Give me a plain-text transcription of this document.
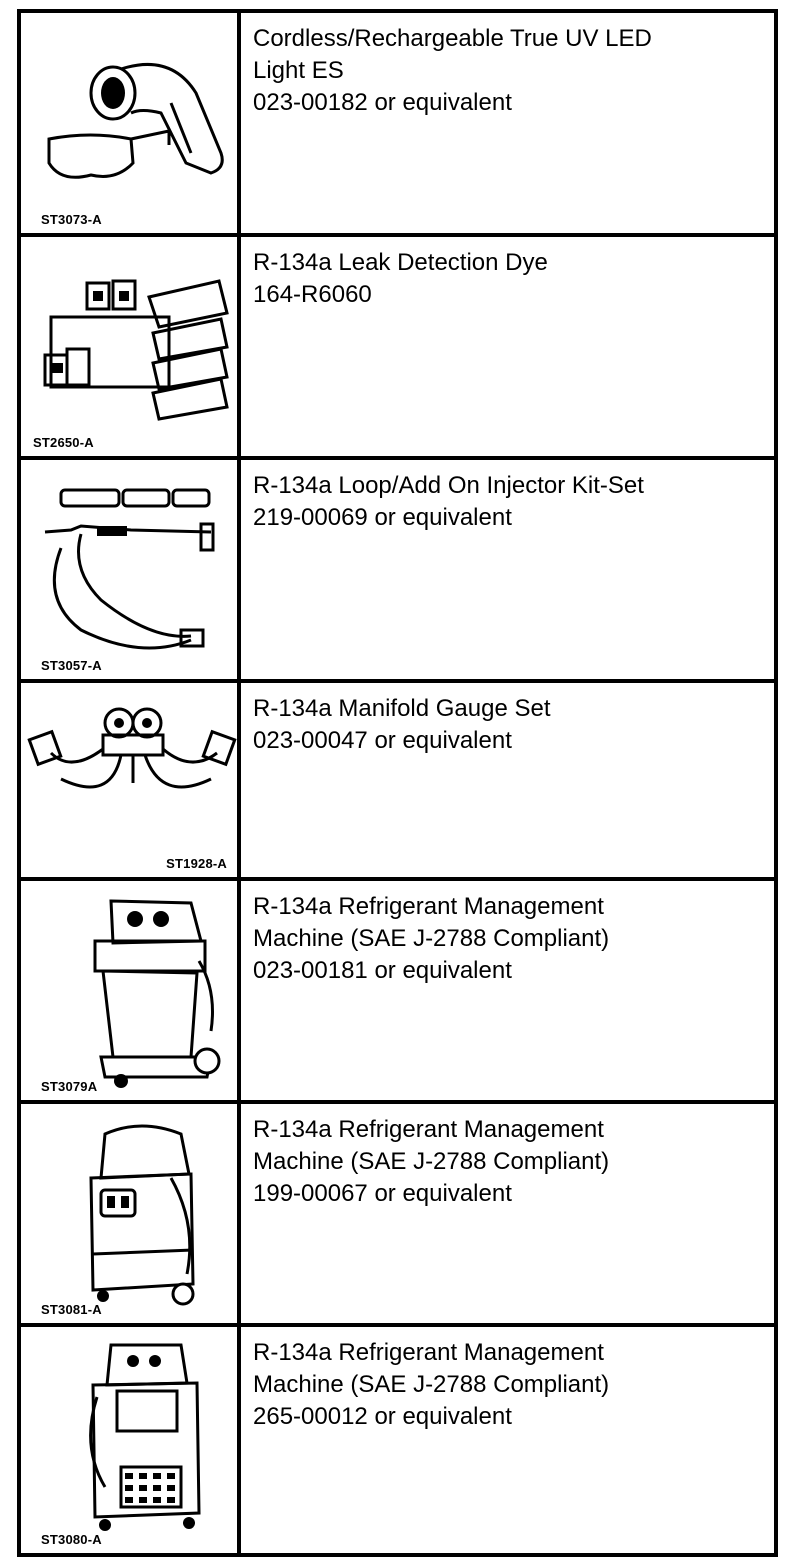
ST3073-A
Cordless/Rechargeable True UV LED
Light ES
023-00182 or equivalent
ST2650-A
R-134a Leak Detection Dye
164-R6060
ST3057-A
R-134a Loop/Add On Injector Kit-Set
219-00069 or equivalent
ST1928-A
R-134a Manifold Gauge Set
023-00047 or equivalent
ST3079A
R-134a Refrigerant Management
Machine (SAE J-2788 Compliant)
023-00181 or equivalent
ST3081-A
R-134a Refrigerant Management
Machine (SAE J-2788 Compliant)
199-00067 or equivalent
ST3080-A
R-134a Refrigerant Management
Machine (SAE J-2788 Compliant)
265-00012 or equivalent
